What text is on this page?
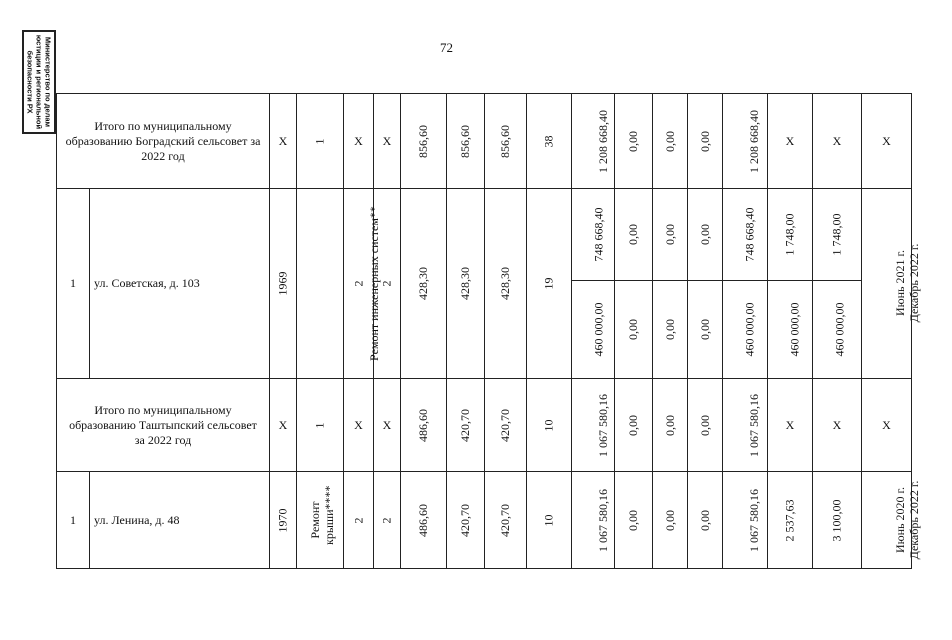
72
Министерство по делам юстиции и региональной безопасности РХ
Итого по муниципальному образованию Боградский сельсовет за 2022 год		Х	1	Х	Х	856,60	856,60	856,60	38	1 208 668,40	0,00	0,00	0,00	1 208 668,40	Х	Х	Х
1	ул. Советская, д. 103	1969	Ремонт инженерных систем**	2	2	428,30	428,30	428,30	19	748 668,40	0,00	0,00	0,00	748 668,40	1 748,00	1 748,00	Июнь 2021 г.
Декабрь 2022 г.
										460 000,00	0,00	0,00	0,00	460 000,00	460 000,00	460 000,00	
Итого по муниципальному образованию Таштыпский сельсовет за 2022 год		Х	1	Х	Х	486,60	420,70	420,70	10	1 067 580,16	0,00	0,00	0,00	1 067 580,16	Х	Х	Х
1	ул. Ленина, д. 48	1970	Ремонт крыши****	2	2	486,60	420,70	420,70	10	1 067 580,16	0,00	0,00	0,00	1 067 580,16	2 537,63	3 100,00	Июнь 2020 г.
Декабрь 2022 г.
